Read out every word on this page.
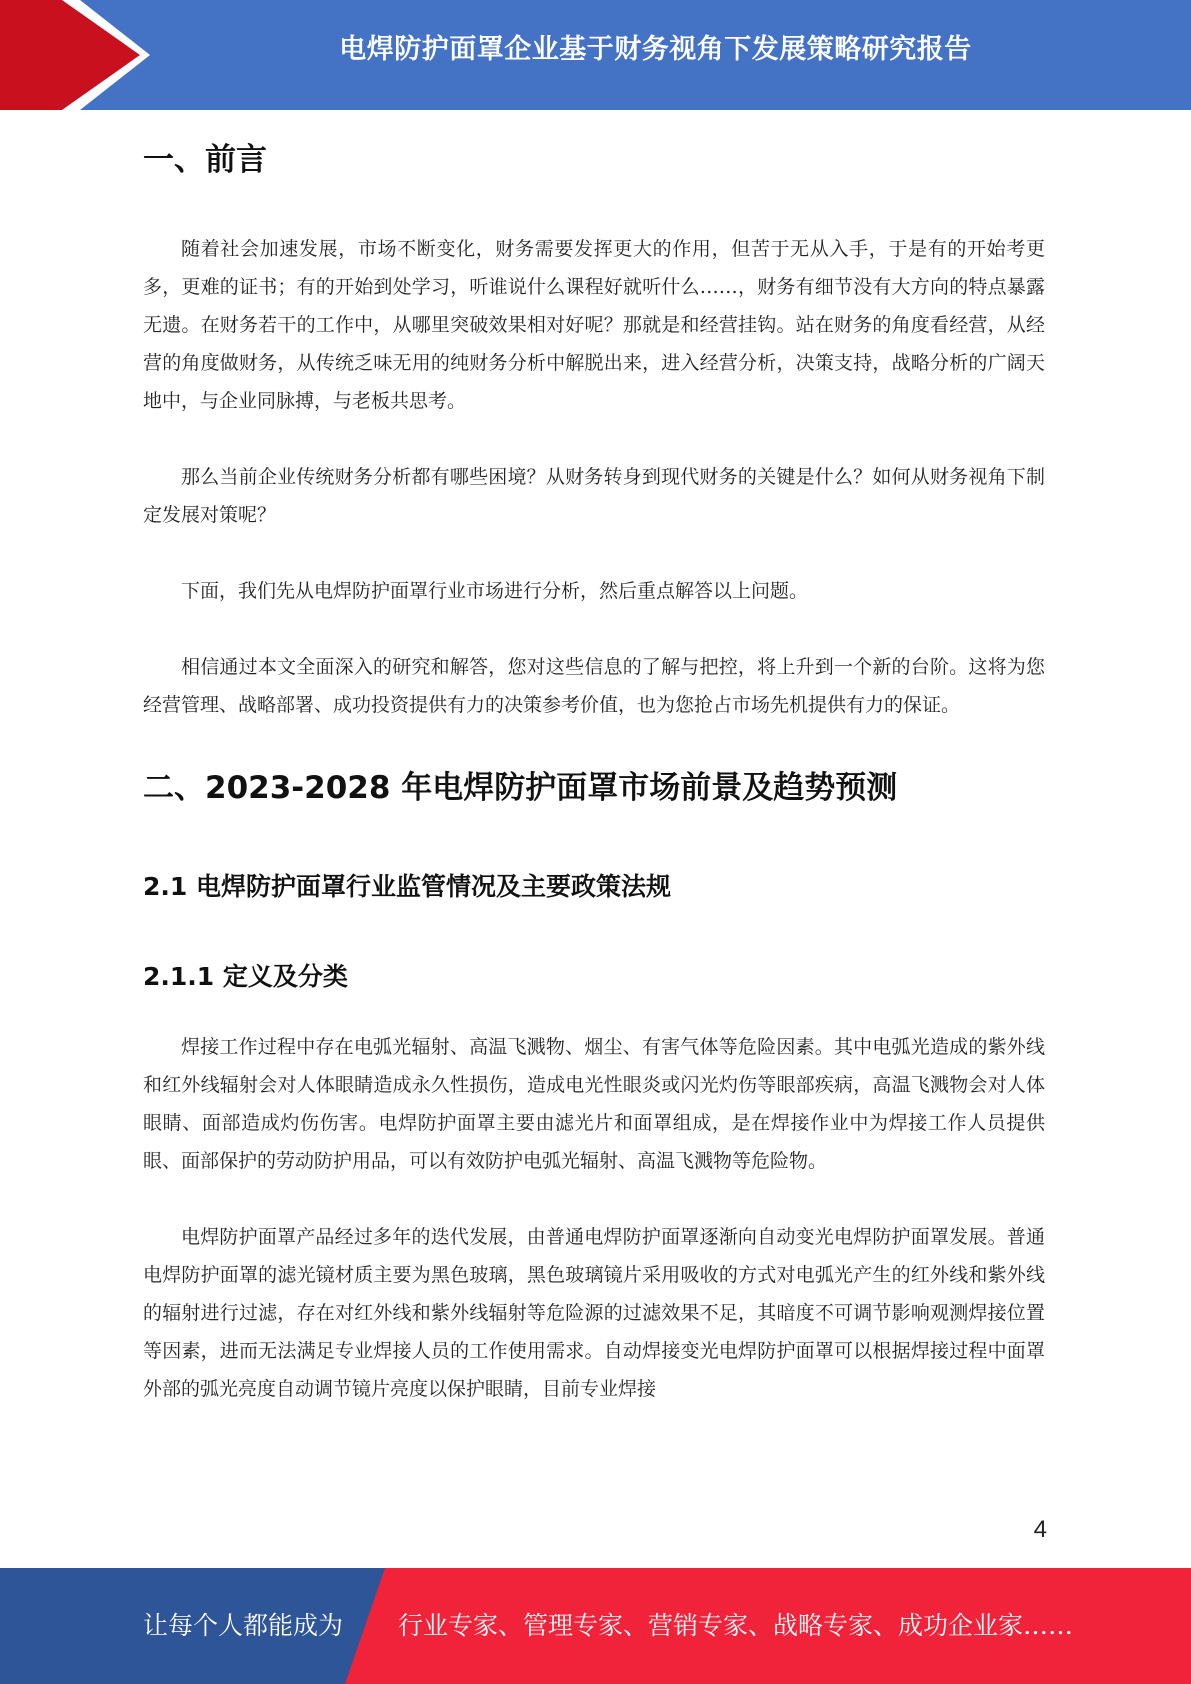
电焊防护面罩企业基于财务视角下发展策略研究报告
一、前言

随着社会加速发展，市场不断变化，财务需要发挥更大的作用，但苦于无从入手，于是有的开始考更多，更难的证书；有的开始到处学习，听谁说什么课程好就听什么……，财务有细节没有大方向的特点暴露无遗。在财务若干的工作中，从哪里突破效果相对好呢？那就是和经营挂钩。站在财务的角度看经营，从经营的角度做财务，从传统乏味无用的纯财务分析中解脱出来，进入经营分析，决策支持，战略分析的广阔天地中，与企业同脉搏，与老板共思考。

那么当前企业传统财务分析都有哪些困境？从财务转身到现代财务的关键是什么？如何从财务视角下制定发展对策呢？

下面，我们先从电焊防护面罩行业市场进行分析，然后重点解答以上问题。

相信通过本文全面深入的研究和解答，您对这些信息的了解与把控，将上升到一个新的台阶。这将为您经营管理、战略部署、成功投资提供有力的决策参考价值，也为您抢占市场先机提供有力的保证。

二、2023-2028 年电焊防护面罩市场前景及趋势预测
2.1 电焊防护面罩行业监管情况及主要政策法规
2.1.1 定义及分类

焊接工作过程中存在电弧光辐射、高温飞溅物、烟尘、有害气体等危险因素。其中电弧光造成的紫外线和红外线辐射会对人体眼睛造成永久性损伤，造成电光性眼炎或闪光灼伤等眼部疾病，高温飞溅物会对人体眼睛、面部造成灼伤伤害。电焊防护面罩主要由滤光片和面罩组成，是在焊接作业中为焊接工作人员提供眼、面部保护的劳动防护用品，可以有效防护电弧光辐射、高温飞溅物等危险物。

电焊防护面罩产品经过多年的迭代发展，由普通电焊防护面罩逐渐向自动变光电焊防护面罩发展。普通电焊防护面罩的滤光镜材质主要为黑色玻璃，黑色玻璃镜片采用吸收的方式对电弧光产生的红外线和紫外线的辐射进行过滤，存在对红外线和紫外线辐射等危险源的过滤效果不足，其暗度不可调节影响观测焊接位置等因素，进而无法满足专业焊接人员的工作使用需求。自动焊接变光电焊防护面罩可以根据焊接过程中面罩外部的弧光亮度自动调节镜片亮度以保护眼睛，目前专业焊接

4
让每个人都能成为 行业专家、管理专家、营销专家、战略专家、成功企业家……
